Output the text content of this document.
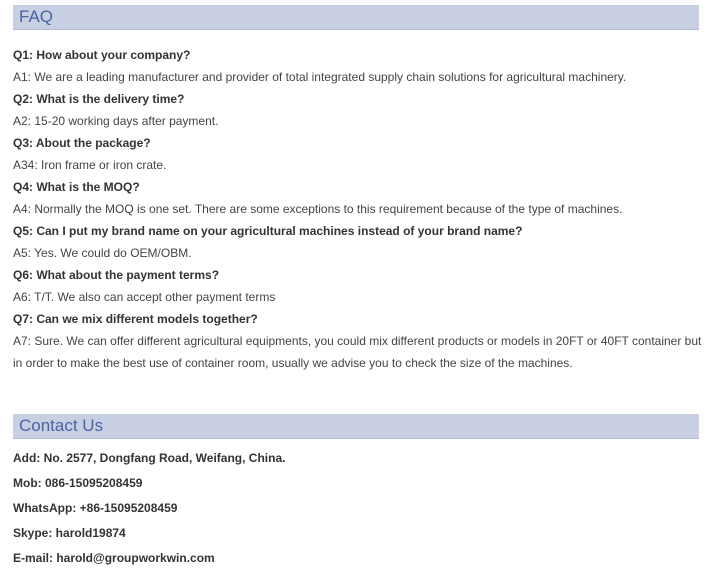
FAQ
Q1: How about your company?
A1: We are a leading manufacturer and provider of total integrated supply chain solutions for agricultural machinery.
Q2: What is the delivery time?
A2: 15-20 working days after payment.
Q3: About the package?
A34: Iron frame or iron crate.
Q4: What is the MOQ?
A4: Normally the MOQ is one set. There are some exceptions to this requirement because of the type of machines.
Q5: Can I put my brand name on your agricultural machines instead of your brand name?
A5: Yes. We could do OEM/OBM.
Q6: What about the payment terms?
A6: T/T. We also can accept other payment terms
Q7: Can we mix different models together?
A7: Sure. We can offer different agricultural equipments, you could mix different products or models in 20FT or 40FT container but in order to make the best use of container room, usually we advise you to check the size of the machines.
Contact Us
Add: No. 2577, Dongfang Road, Weifang, China.
Mob: 086-15095208459
WhatsApp: +86-15095208459
Skype: harold19874
E-mail: harold@groupworkwin.com
